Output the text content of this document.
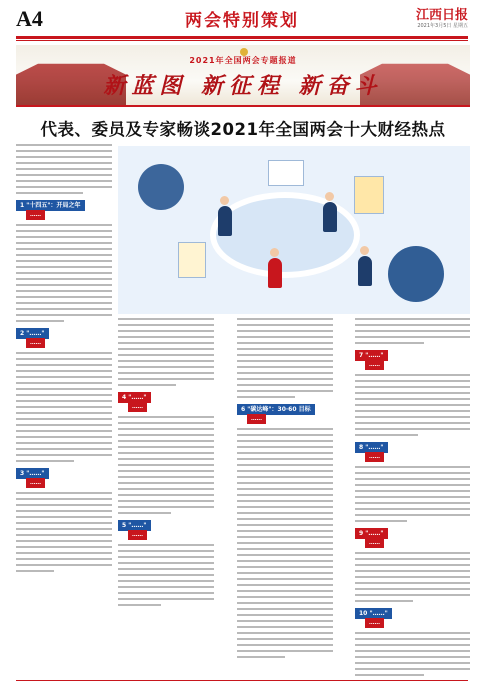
A4	两会特别策划	江西日报
2021年3月5日 星期五
2021年全国两会专题报道
新蓝图 新征程 新奋斗
代表、委员及专家畅谈2021年全国两会十大财经热点
1 "十四五"：开局之年
……
2 "……"
……
3 "……"
……
4 "……"
……
5 "……"
……
6 "碳达峰"：30·60 目标
……
7 "……"
……
8 "……"
……
9 "……"
……
10 "……"
……
